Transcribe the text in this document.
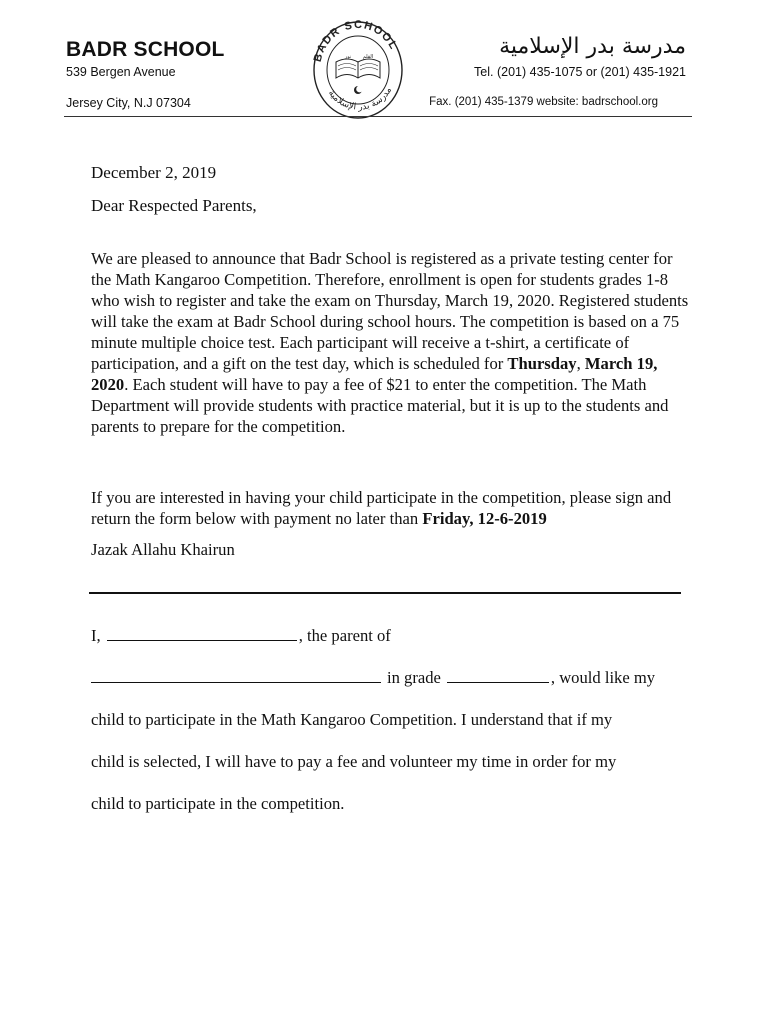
BADR SCHOOL
539 Bergen Avenue
Jersey City, N.J 07304
BADR SCHOOL
مدرسة بدر الإسلامية
نور القلم	مدرسة بدر الإسلامية
Tel. (201) 435-1075 or (201) 435-1921
Fax. (201) 435-1379 website: badrschool.org
December 2, 2019
Dear Respected Parents,

We are pleased to announce that Badr School is registered as a private testing center for the Math Kangaroo Competition. Therefore, enrollment is open for students grades 1-8 who wish to register and take the exam on Thursday, March 19, 2020. Registered students will take the exam at Badr School during school hours. The competition is based on a 75 minute multiple choice test. Each participant will receive a t-shirt, a certificate of participation, and a gift on the test day, which is scheduled for Thursday, March 19, 2020. Each student will have to pay a fee of $21 to enter the competition. The Math Department will provide students with practice material, but it is up to the students and parents to prepare for the competition.

If you are interested in having your child participate in the competition, please sign and return the form below with payment no later than Friday, 12-6-2019

Jazak Allahu Khairun
I,	, the parent of
in grade	, would like my
child to participate in the Math Kangaroo Competition. I understand that if my
child is selected, I will have to pay a fee and volunteer my time in order for my
child to participate in the competition.
